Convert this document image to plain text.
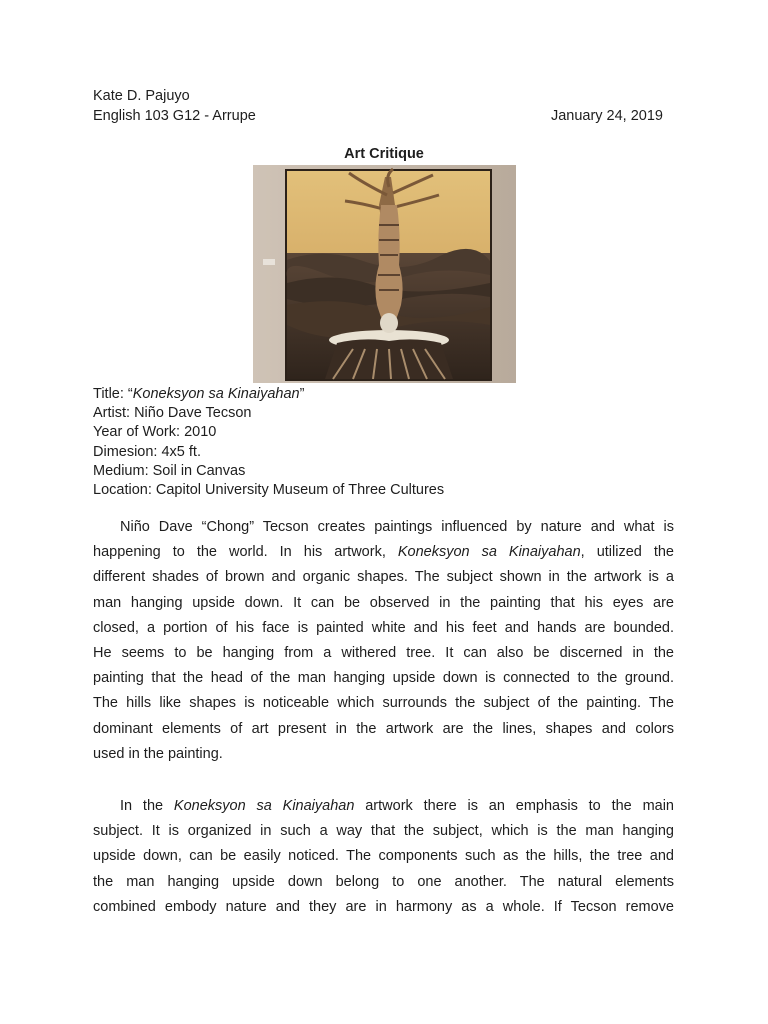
Kate D. Pajuyo
English 103 G12 - Arrupe	January 24, 2019
Art Critique
Title: “Koneksyon sa Kinaiyahan”
Artist: Niño Dave Tecson
Year of Work: 2010
Dimesion: 4x5 ft.
Medium: Soil in Canvas
Location: Capitol University Museum of Three Cultures
Niño Dave “Chong” Tecson creates paintings influenced by nature and what is
happening to the world. In his artwork, Koneksyon sa Kinaiyahan, utilized the
different shades of brown and organic shapes. The subject shown in the artwork is a
man hanging upside down. It can be observed in the painting that his eyes are
closed, a portion of his face is painted white and his feet and hands are bounded.
He seems to be hanging from a withered tree. It can also be discerned in the
painting that the head of the man hanging upside down is connected to the ground.
The hills like shapes is noticeable which surrounds the subject of the painting. The
dominant elements of art present in the artwork are the lines, shapes and colors
used in the painting.
In the Koneksyon sa Kinaiyahan artwork there is an emphasis to the main
subject. It is organized in such a way that the subject, which is the man hanging
upside down, can be easily noticed. The components such as the hills, the tree and
the man hanging upside down belong to one another. The natural elements
combined embody nature and they are in harmony as a whole. If Tecson remove
